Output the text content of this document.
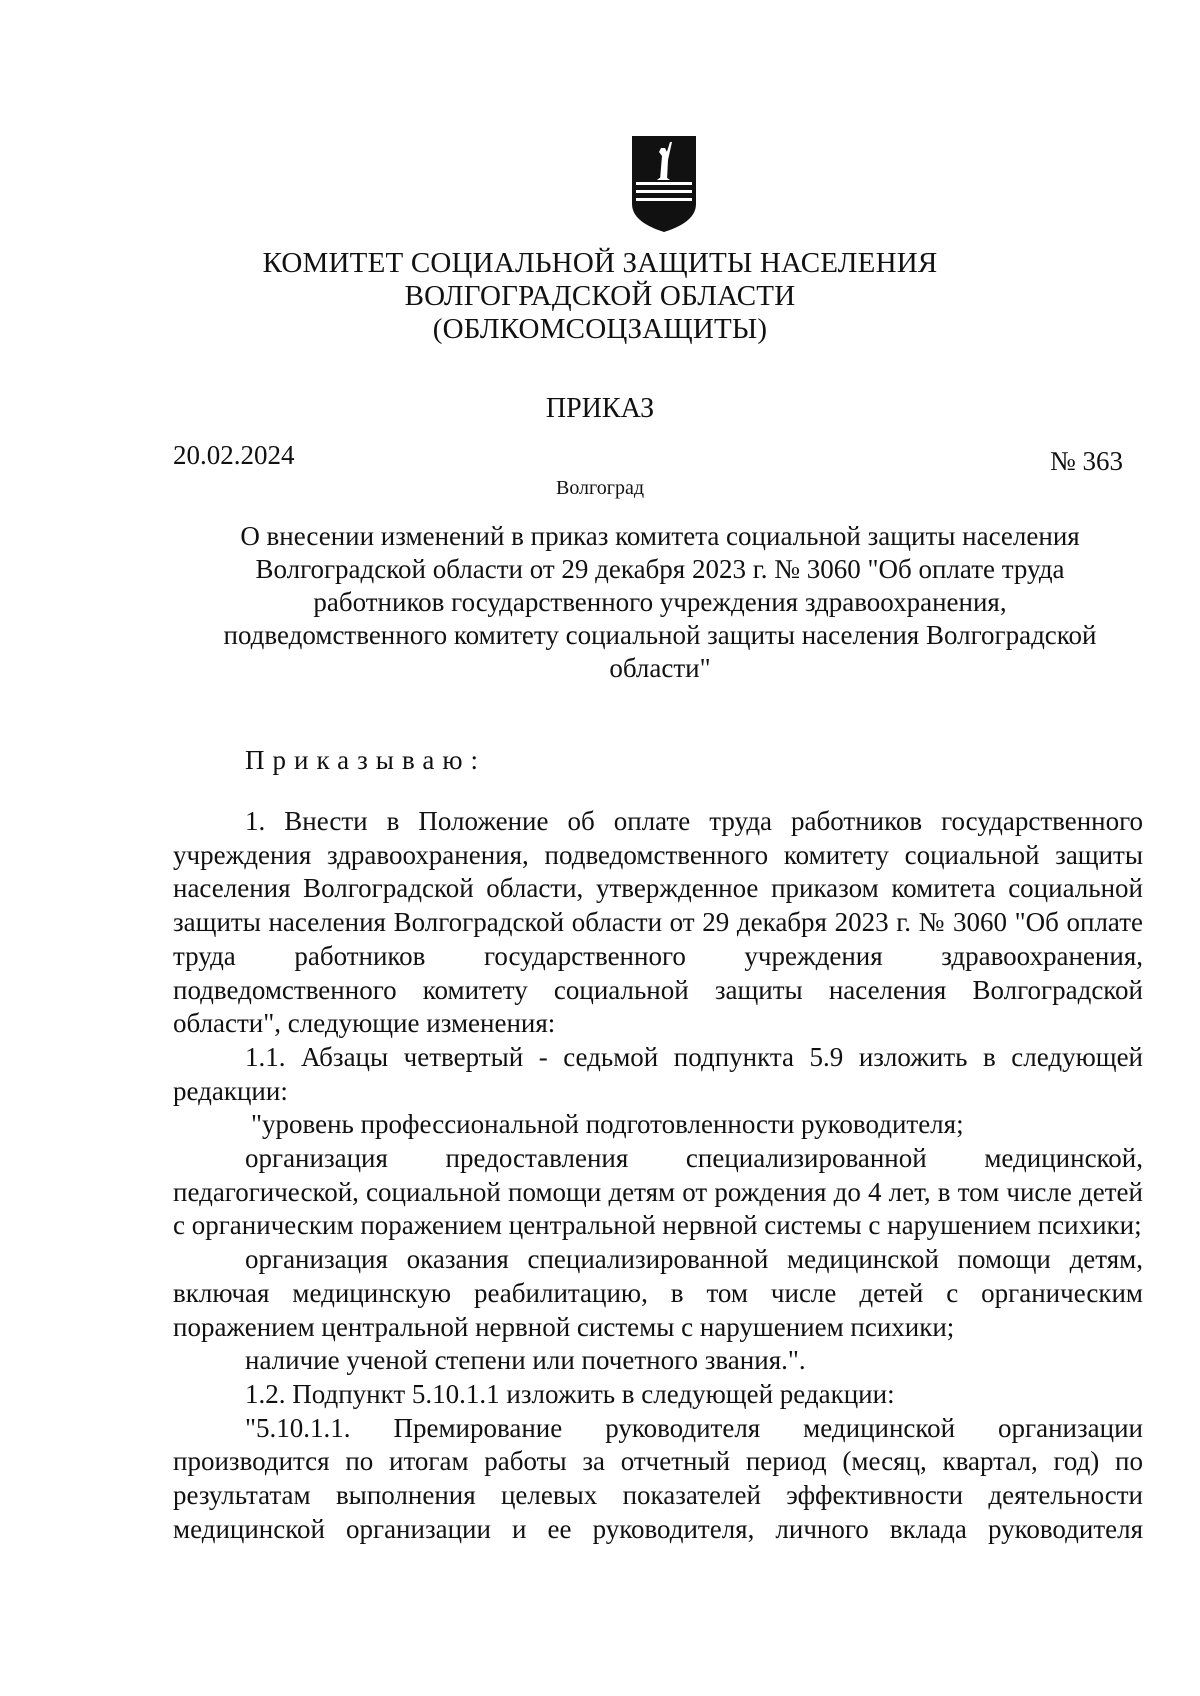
КОМИТЕТ СОЦИАЛЬНОЙ ЗАЩИТЫ НАСЕЛЕНИЯ
ВОЛГОГРАДСКОЙ ОБЛАСТИ
(ОБЛКОМСОЦЗАЩИТЫ)
ПРИКАЗ
20.02.2024	№ 363
Волгоград
О внесении изменений в приказ комитета социальной защиты населения
Волгоградской области от 29 декабря 2023 г. № 3060 "Об оплате труда
работников государственного учреждения здравоохранения,
подведомственного комитету социальной защиты населения Волгоградской
области"
Приказываю:

1. Внести в Положение об оплате труда работников государственного учреждения здравоохранения, подведомственного комитету социальной защиты населения Волгоградской области, утвержденное приказом комитета социальной защиты населения Волгоградской области от 29 декабря 2023 г. № 3060 "Об оплате труда работников государственного учреждения здравоохранения, подведомственного комитету социальной защиты населения Волгоградской области", следующие изменения:

1.1. Абзацы четвертый - седьмой подпункта 5.9 изложить в следующей редакции:

"уровень профессиональной подготовленности руководителя;

организация предоставления специализированной медицинской, педагогической, социальной помощи детям от рождения до 4 лет, в том числе детей с органическим поражением центральной нервной системы с нарушением психики;

организация оказания специализированной медицинской помощи детям, включая медицинскую реабилитацию, в том числе детей с органическим поражением центральной нервной системы с нарушением психики;

наличие ученой степени или почетного звания.".

1.2. Подпункт 5.10.1.1 изложить в следующей редакции:

"5.10.1.1. Премирование руководителя медицинской организации производится по итогам работы за отчетный период (месяц, квартал, год) по результатам выполнения целевых показателей эффективности деятельности медицинской организации и ее руководителя, личного вклада руководителя
